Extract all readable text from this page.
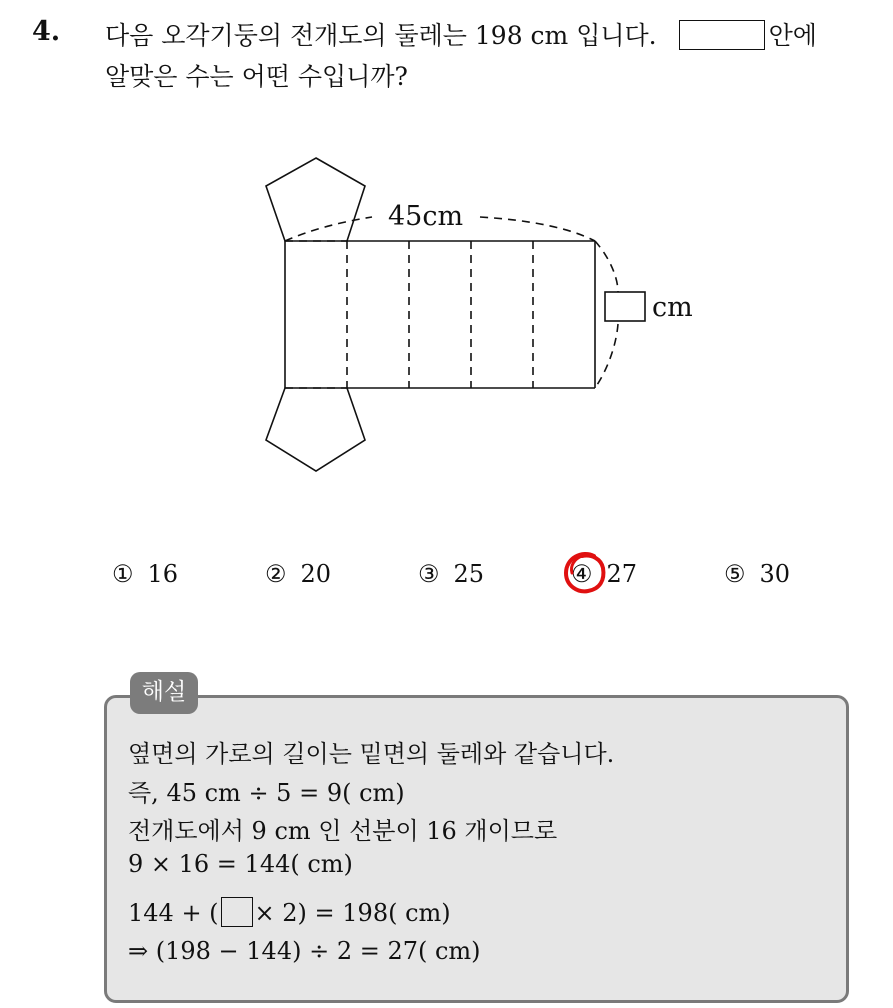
4. 다음 오각기둥의 전개도의 둘레는 198 cm 입니다.	안에
알맞은 수는 어떤 수입니까?
45cm
cm
① 16	② 20	③ 25	④ 27	⑤ 30
해설
옆면의 가로의 길이는 밑면의 둘레와 같습니다.
즉, 45 cm ÷ 5 = 9( cm)
전개도에서 9 cm 인 선분이 16 개이므로
9 × 16 = 144( cm)
144 + ( × 2) = 198( cm)
⇒ (198 − 144) ÷ 2 = 27( cm)
